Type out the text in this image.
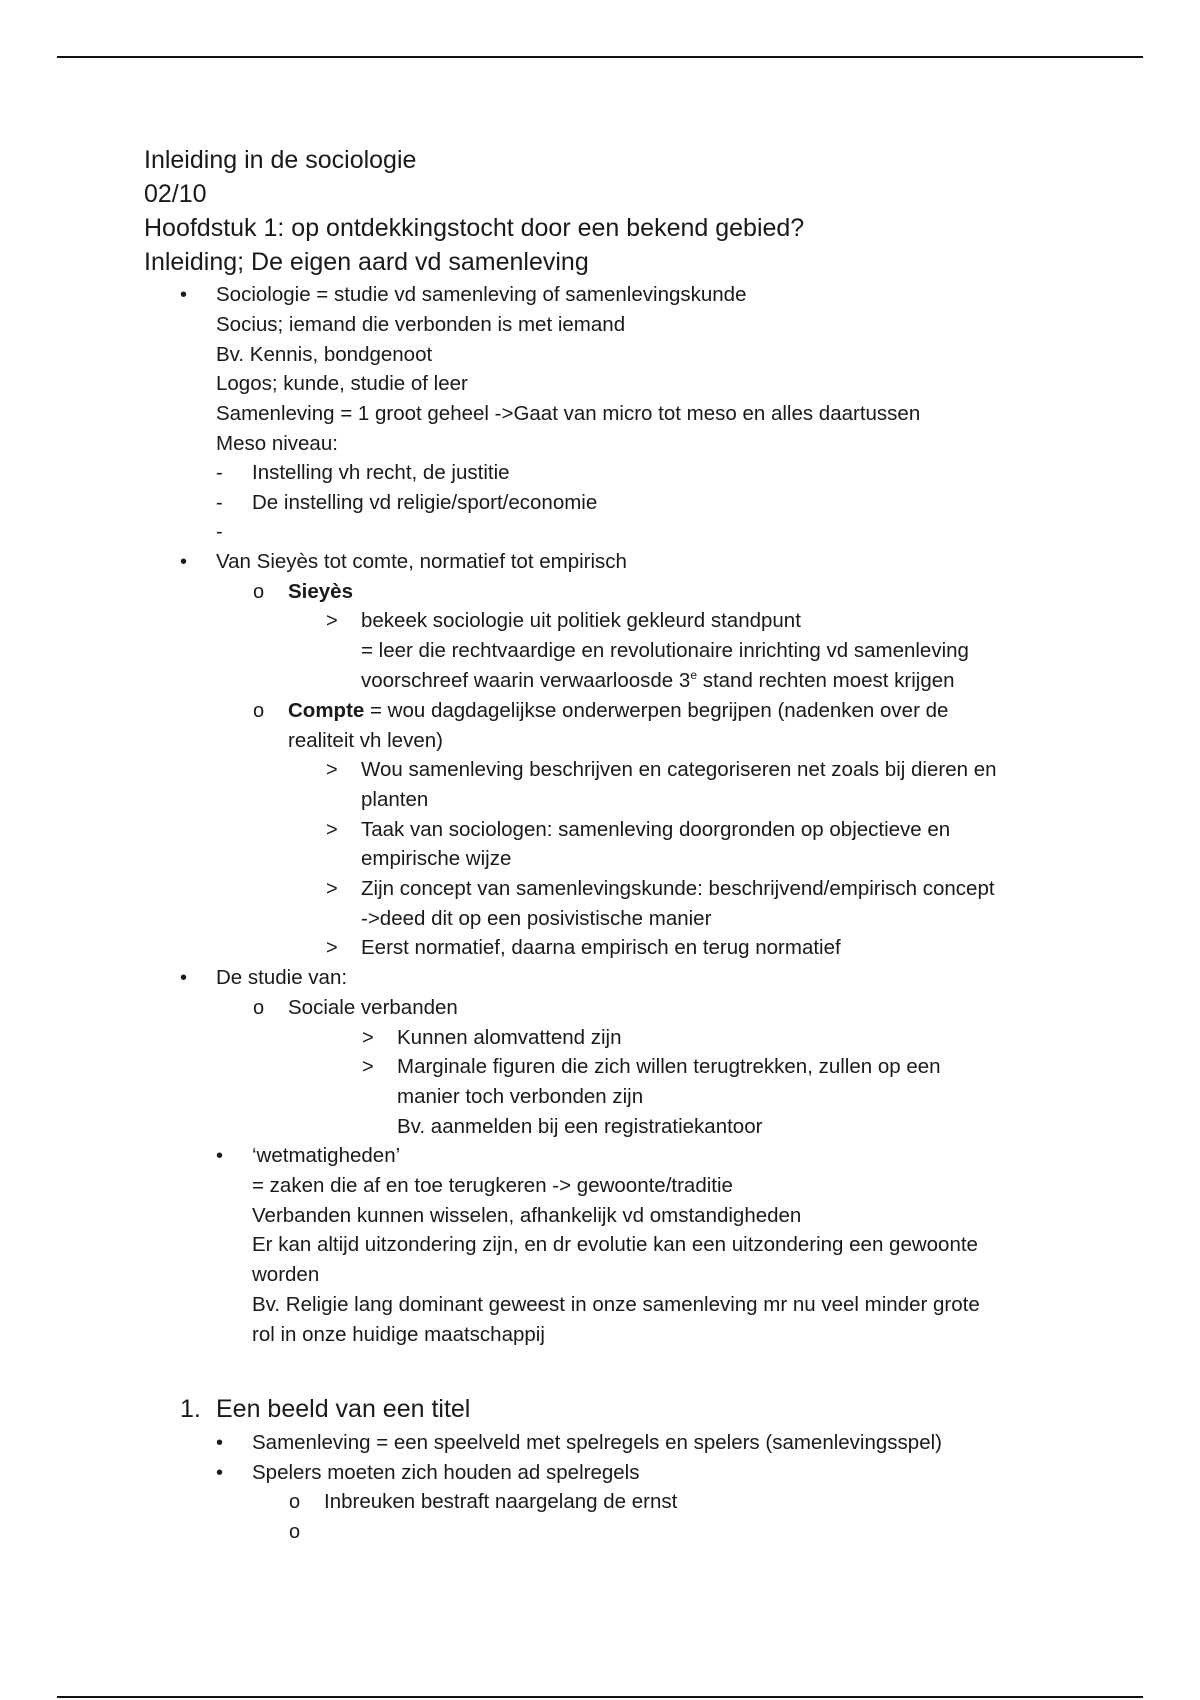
Inleiding in de sociologie
02/10
Hoofdstuk 1: op ontdekkingstocht door een bekend gebied?
Inleiding; De eigen aard vd samenleving
• Sociologie = studie vd samenleving of samenlevingskunde
Socius; iemand die verbonden is met iemand
Bv. Kennis, bondgenoot
Logos; kunde, studie of leer
Samenleving = 1 groot geheel ->Gaat van micro tot meso en alles daartussen
Meso niveau:
- Instelling vh recht, de justitie
- De instelling vd religie/sport/economie
-
• Van Sieyès tot comte, normatief tot empirisch
o Sieyès
> bekeek sociologie uit politiek gekleurd standpunt
= leer die rechtvaardige en revolutionaire inrichting vd samenleving
voorschreef waarin verwaarloosde 3e stand rechten moest krijgen
o Compte = wou dagdagelijkse onderwerpen begrijpen (nadenken over de
realiteit vh leven)
> Wou samenleving beschrijven en categoriseren net zoals bij dieren en
planten
> Taak van sociologen: samenleving doorgronden op objectieve en
empirische wijze
> Zijn concept van samenlevingskunde: beschrijvend/empirisch concept
->deed dit op een posivistische manier
> Eerst normatief, daarna empirisch en terug normatief
• De studie van:
o Sociale verbanden
> Kunnen alomvattend zijn
> Marginale figuren die zich willen terugtrekken, zullen op een
manier toch verbonden zijn
Bv. aanmelden bij een registratiekantoor
• ‘wetmatigheden’
= zaken die af en toe terugkeren -> gewoonte/traditie
Verbanden kunnen wisselen, afhankelijk vd omstandigheden
Er kan altijd uitzondering zijn, en dr evolutie kan een uitzondering een gewoonte
worden
Bv. Religie lang dominant geweest in onze samenleving mr nu veel minder grote
rol in onze huidige maatschappij
1. Een beeld van een titel
• Samenleving = een speelveld met spelregels en spelers (samenlevingsspel)
• Spelers moeten zich houden ad spelregels
o Inbreuken bestraft naargelang de ernst
o
